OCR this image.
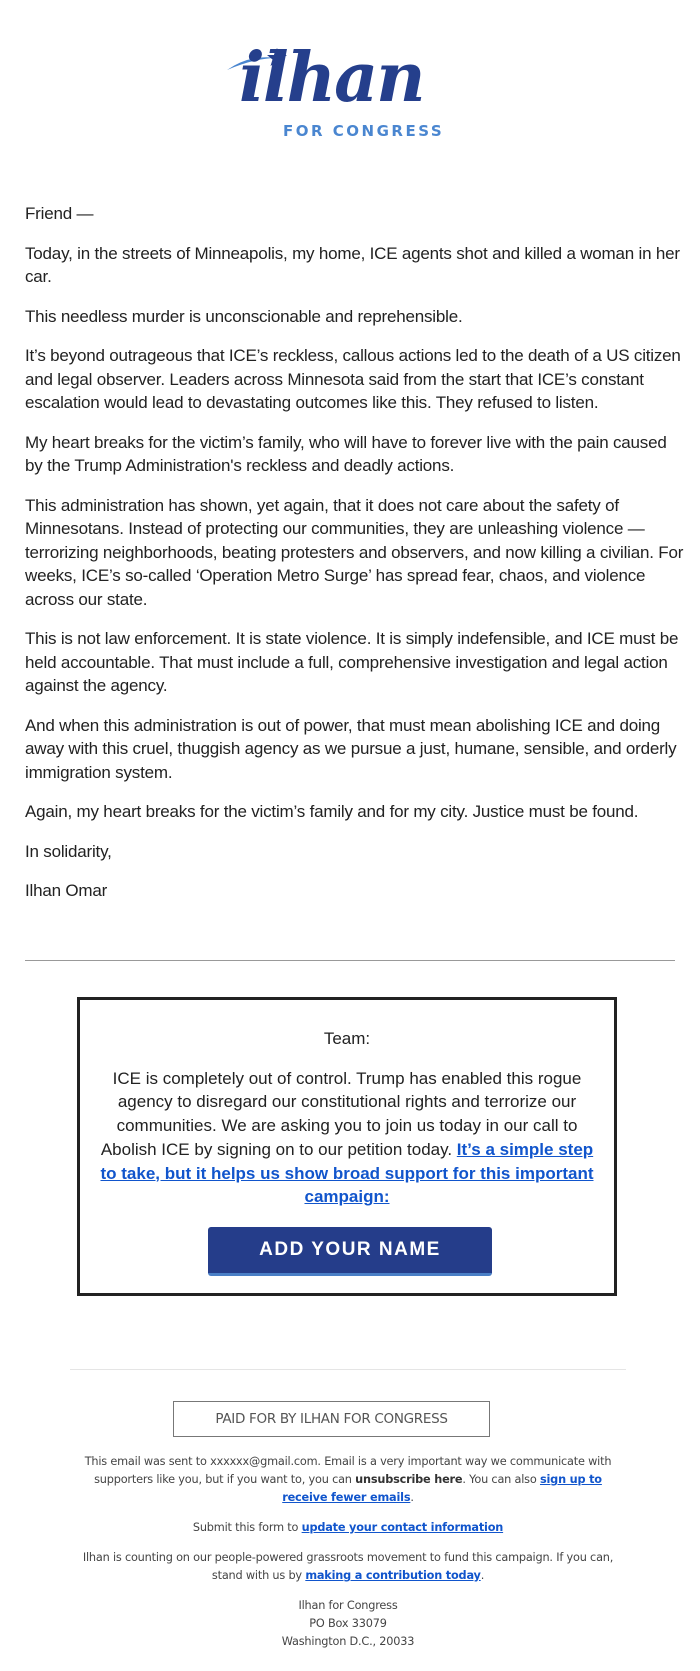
ilhan
FOR CONGRESS

Friend —

Today, in the streets of Minneapolis, my home, ICE agents shot and killed a woman in her car.

This needless murder is unconscionable and reprehensible.

It’s beyond outrageous that ICE’s reckless, callous actions led to the death of a US citizen and legal observer. Leaders across Minnesota said from the start that ICE’s constant escalation would lead to devastating outcomes like this. They refused to listen.

My heart breaks for the victim’s family, who will have to forever live with the pain caused by the Trump Administration's reckless and deadly actions.

This administration has shown, yet again, that it does not care about the safety of Minnesotans. Instead of protecting our communities, they are unleashing violence — terrorizing neighborhoods, beating protesters and observers, and now killing a civilian. For weeks, ICE’s so-called ‘Operation Metro Surge’ has spread fear, chaos, and violence across our state.

This is not law enforcement. It is state violence. It is simply indefensible, and ICE must be held accountable. That must include a full, comprehensive investigation and legal action against the agency.

And when this administration is out of power, that must mean abolishing ICE and doing away with this cruel, thuggish agency as we pursue a just, humane, sensible, and orderly immigration system.

Again, my heart breaks for the victim’s family and for my city. Justice must be found.

In solidarity,

Ilhan Omar

Team:
ICE is completely out of control. Trump has enabled this rogue agency to disregard our constitutional rights and terrorize our communities. We are asking you to join us today in our call to Abolish ICE by signing on to our petition today. It’s a simple step to take, but it helps us show broad support for this important campaign:
ADD YOUR NAME
PAID FOR BY ILHAN FOR CONGRESS

This email was sent to xxxxxx@gmail.com. Email is a very important way we communicate with supporters like you, but if you want to, you can unsubscribe here. You can also sign up to receive fewer emails.

Submit this form to update your contact information

Ilhan is counting on our people-powered grassroots movement to fund this campaign. If you can, stand with us by making a contribution today.

Ilhan for Congress
PO Box 33079
Washington D.C., 20033
